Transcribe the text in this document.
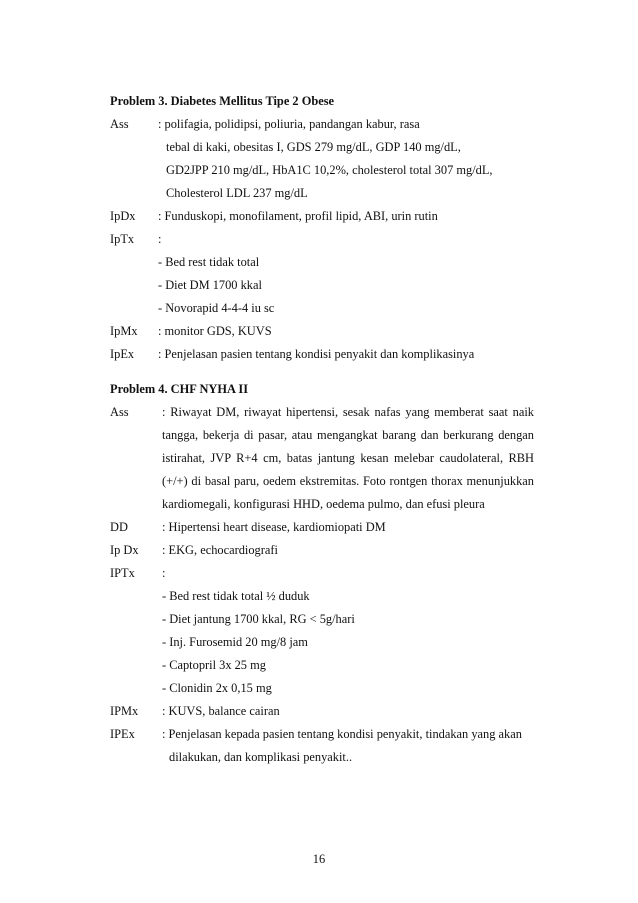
Problem 3. Diabetes Mellitus Tipe 2 Obese
Ass : polifagia, polidipsi, poliuria, pandangan kabur, rasa
tebal di kaki, obesitas I, GDS 279 mg/dL, GDP 140 mg/dL,
GD2JPP 210 mg/dL, HbA1C 10,2%, cholesterol total 307 mg/dL,
Cholesterol LDL 237 mg/dL
IpDx : Funduskopi, monofilament, profil lipid, ABI, urin rutin
IpTx :
- Bed rest tidak total
- Diet DM 1700 kkal
- Novorapid 4-4-4 iu sc
IpMx : monitor GDS, KUVS
IpEx : Penjelasan pasien tentang kondisi penyakit dan komplikasinya
Problem 4. CHF NYHA II
Ass	: Riwayat DM, riwayat hipertensi, sesak nafas yang memberat saat naik
tangga, bekerja di pasar, atau mengangkat barang dan berkurang dengan
istirahat, JVP R+4 cm, batas jantung kesan melebar caudolateral, RBH
(+/+) di basal paru, oedem ekstremitas. Foto rontgen thorax menunjukkan
kardiomegali, konfigurasi HHD, oedema pulmo, dan efusi pleura
DD	: Hipertensi heart disease, kardiomiopati DM
Ip Dx : EKG, echocardiografi
IPTx :
- Bed rest tidak total ½ duduk
- Diet jantung 1700 kkal, RG < 5g/hari
- Inj. Furosemid 20 mg/8 jam
- Captopril 3x 25 mg
- Clonidin 2x 0,15 mg
IPMx : KUVS, balance cairan
IPEx : Penjelasan kepada pasien tentang kondisi penyakit, tindakan yang akan
dilakukan, dan komplikasi penyakit..
16
